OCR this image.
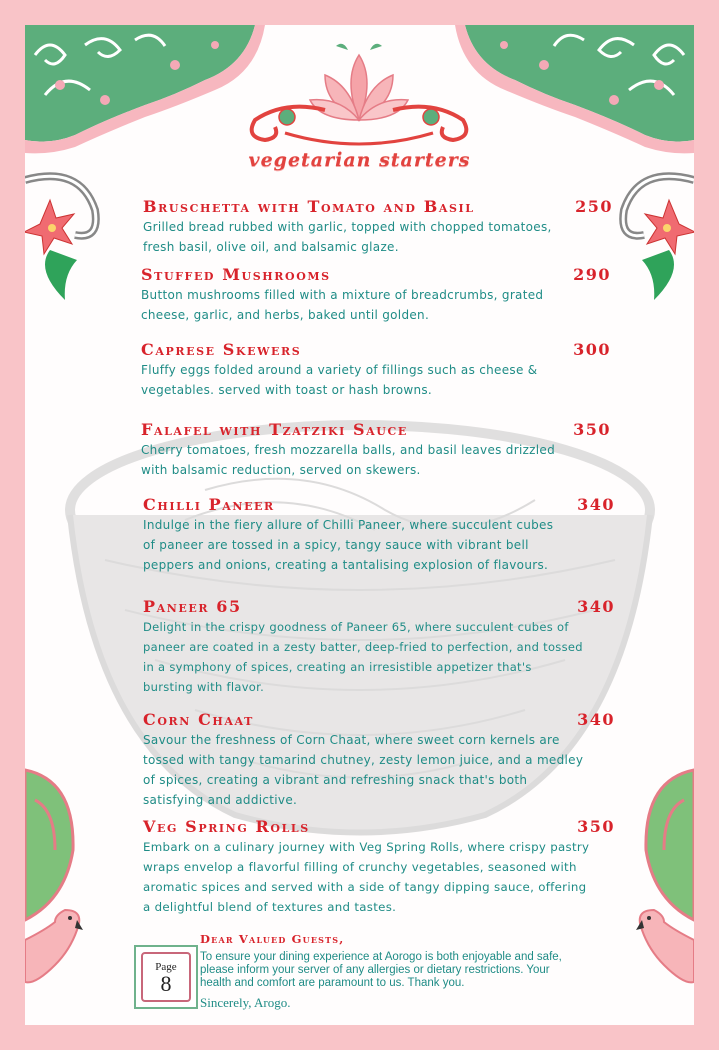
vegetarian starters
Bruschetta with Tomato and Basil	250
Grilled bread rubbed with garlic, topped with chopped tomatoes,
fresh basil, olive oil, and balsamic glaze.
Stuffed Mushrooms	290
Button mushrooms filled with a mixture of breadcrumbs, grated
cheese, garlic, and herbs, baked until golden.
Caprese Skewers	300
Fluffy eggs folded around a variety of fillings such as cheese &
vegetables. served with toast or hash browns.
Falafel with Tzatziki Sauce	350
Cherry tomatoes, fresh mozzarella balls, and basil leaves drizzled
with balsamic reduction, served on skewers.
Chilli Paneer	340
Indulge in the fiery allure of Chilli Paneer, where succulent cubes
of paneer are tossed in a spicy, tangy sauce with vibrant bell
peppers and onions, creating a tantalising explosion of flavours.
Paneer 65	340
Delight in the crispy goodness of Paneer 65, where succulent cubes of
paneer are coated in a zesty batter, deep-fried to perfection, and tossed
in a symphony of spices, creating an irresistible appetizer that's
bursting with flavor.
Corn Chaat	340
Savour the freshness of Corn Chaat, where sweet corn kernels are
tossed with tangy tamarind chutney, zesty lemon juice, and a medley
of spices, creating a vibrant and refreshing snack that's both
satisfying and addictive.
Veg Spring Rolls	350
Embark on a culinary journey with Veg Spring Rolls, where crispy pastry
wraps envelop a flavorful filling of crunchy vegetables, seasoned with
aromatic spices and served with a side of tangy dipping sauce, offering
a delightful blend of textures and tastes.
Page
8
Dear Valued Guests,
To ensure your dining experience at Aorogo is both enjoyable and safe,
please inform your server of any allergies or dietary restrictions. Your
health and comfort are paramount to us. Thank you.
Sincerely, Arogo.
